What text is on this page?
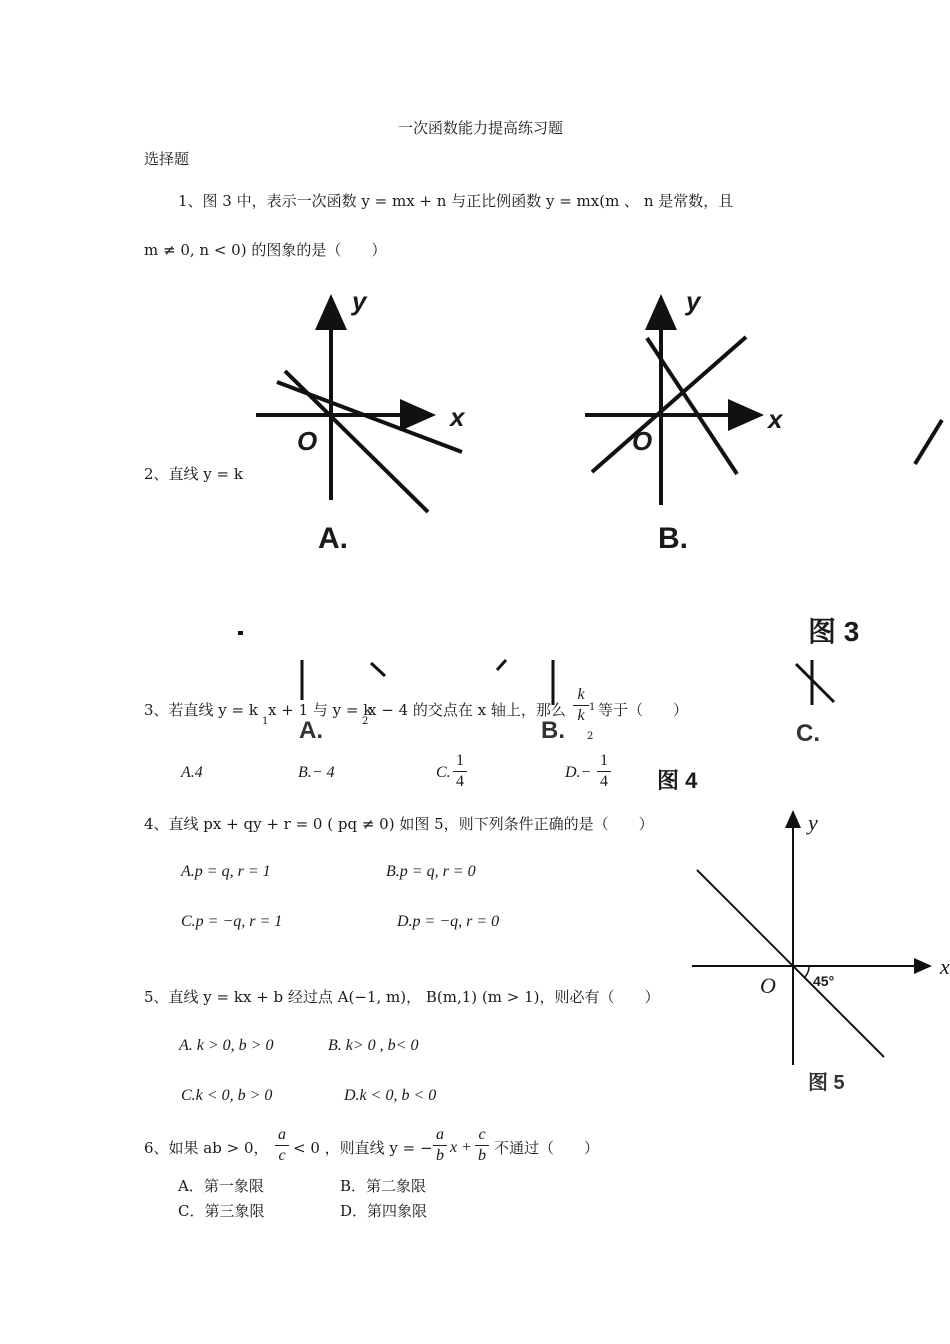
一次函数能力提高练习题
选择题
1、图 3 中，表示一次函数 y = mx + n 与正比例函数 y = mx(m 、 n 是常数，且
m ≠ 0, n < 0) 的图象的是（　　）
y
x
O
A.
y
x
O
B.
图 3
2、直线 y = k
A.	B.	C.
图 4
3、若直线 y = k
1
x + 1 与 y = k
2
x − 4 的交点在 x 轴上，那么
k
k 1
2
等于（　　）
A.4	B.− 4	C.
1
4
D.−
1
4
4、直线 px + qy + r = 0 ( pq ≠ 0) 如图 5，则下列条件正确的是（　　）
A.p = q, r = 1	B.p = q, r = 0
C.p = −q, r = 1	D.p = −q, r = 0
y
x
O	45°
图 5
5、直线 y = kx + b 经过点 A(−1, m)， B(m,1) (m > 1)，则必有（　　）
A. k > 0, b > 0	B. k> 0 , b< 0
C.k < 0, b > 0	D.k < 0, b < 0
6、如果 ab > 0，
a
c < 0 ，则直线 y = −
a
b x +
c
b 不通过（　　）
A．第一象限	B．第二象限
C．第三象限	D．第四象限
